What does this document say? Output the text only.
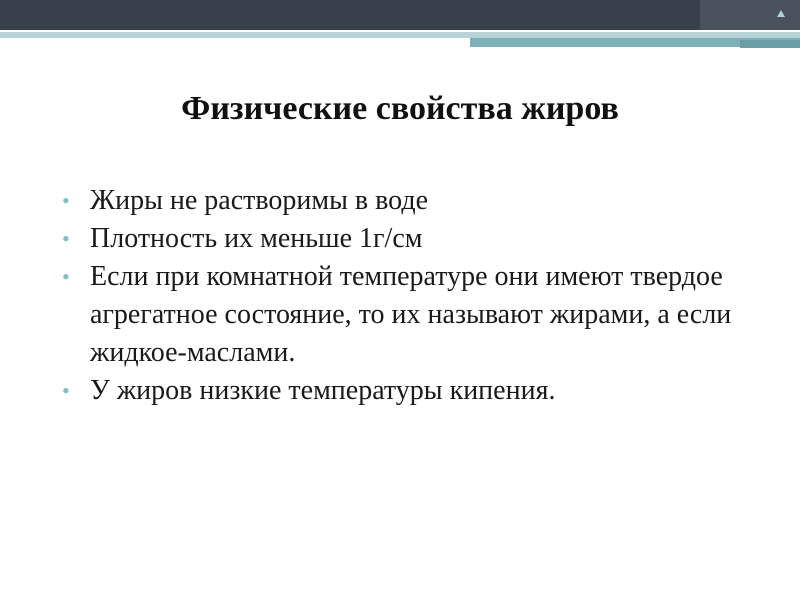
Физические свойства жиров
• Жиры не растворимы в воде
• Плотность их меньше 1г/см
• Если при комнатной температуре они имеют твердое агрегатное состояние, то их называют жирами, а если жидкое-маслами.
• У жиров низкие температуры кипения.
